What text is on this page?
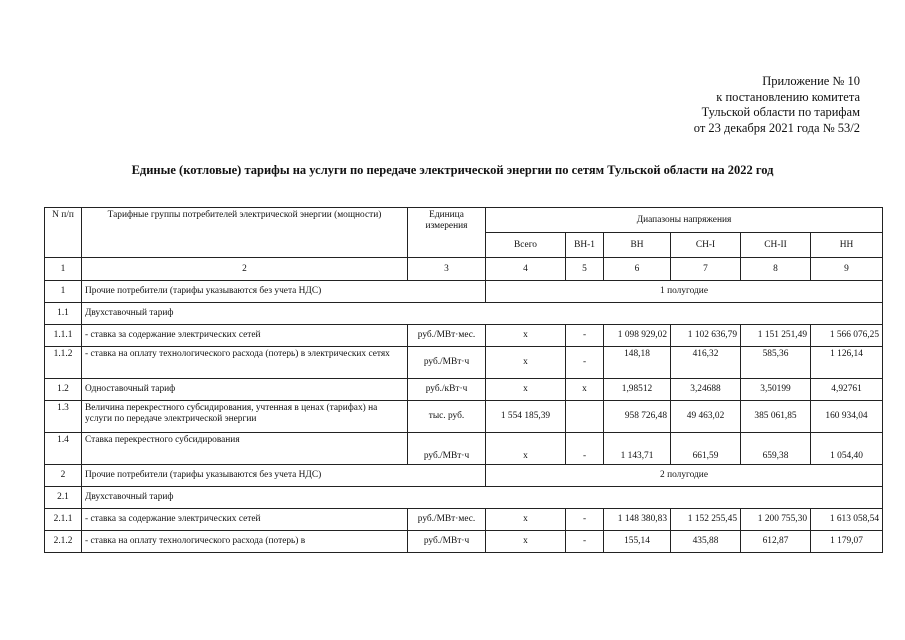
Приложение № 10
к постановлению комитета
Тульской области по тарифам
от 23 декабря 2021 года № 53/2
Единые (котловые) тарифы на услуги по передаче электрической энергии по сетям Тульской области на 2022 год
N п/п	Тарифные группы потребителей электрической энергии (мощности)	Единица измерения	Диапазоны напряжения					
			Всего	ВН-1	ВН	СН-I	СН-II	НН
1	2	3	4	5	6	7	8	9
1	Прочие потребители (тарифы указываются без учета НДС)		1 полугодие					
1.1	Двухставочный тариф							
1.1.1	- ставка за содержание электрических сетей	руб./МВт·мес.	х	-	1 098 929,02	1 102 636,79	1 151 251,49	1 566 076,25
1.1.2	- ставка на оплату технологического расхода (потерь) в электрических сетях	руб./МВт·ч	х	-	148,18	416,32	585,36	1 126,14
1.2	Одноставочный тариф	руб./кВт·ч	х	х	1,98512	3,24688	3,50199	4,92761
1.3	Величина перекрестного субсидирования, учтенная в ценах (тарифах) на услуги по передаче электрической энергии	тыс. руб.	1 554 185,39		958 726,48	49 463,02	385 061,85	160 934,04
1.4	Ставка перекрестного субсидирования	руб./МВт·ч	х	-	1 143,71	661,59	659,38	1 054,40
2	Прочие потребители (тарифы указываются без учета НДС)		2 полугодие					
2.1	Двухставочный тариф							
2.1.1	- ставка за содержание электрических сетей	руб./МВт·мес.	х	-	1 148 380,83	1 152 255,45	1 200 755,30	1 613 058,54
2.1.2	- ставка на оплату технологического расхода (потерь) в	руб./МВт·ч	х	-	155,14	435,88	612,87	1 179,07
